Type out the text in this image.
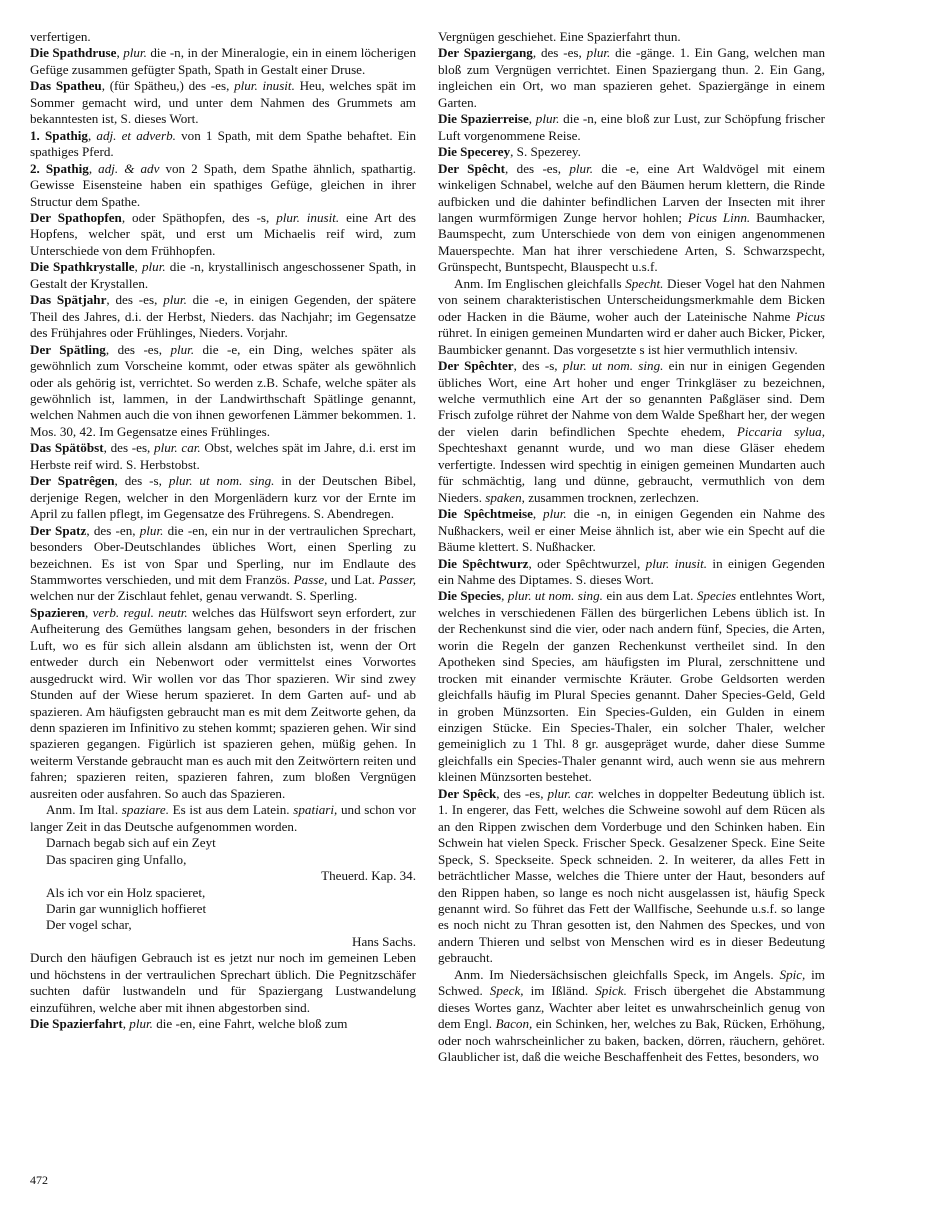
verfertigen.

Die Spathdruse, plur. die -n, in der Mineralogie, ein in einem löcherigen Gefüge zusammen gefügter Spath, Spath in Gestalt einer Druse.

Das Spatheu, (für Spätheu,) des -es, plur. inusit. Heu, welches spät im Sommer gemacht wird, und unter dem Nahmen des Grummets am bekanntesten ist, S. dieses Wort.

1. Spathig, adj. et adverb. von 1 Spath, mit dem Spathe behaftet. Ein spathiges Pferd.

2. Spathig, adj. & adv von 2 Spath, dem Spathe ähnlich, spathartig. Gewisse Eisensteine haben ein spathiges Gefüge, gleichen in ihrer Structur dem Spathe.

Der Spathopfen, oder Späthopfen, des -s, plur. inusit. eine Art des Hopfens, welcher spät, und erst um Michaelis reif wird, zum Unterschiede von dem Frühhopfen.

Die Spathkrystalle, plur. die -n, krystallinisch angeschossener Spath, in Gestalt der Krystallen.

Das Spätjahr, des -es, plur. die -e, in einigen Gegenden, der spätere Theil des Jahres, d.i. der Herbst, Nieders. das Nachjahr; im Gegensatze des Frühjahres oder Frühlinges, Nieders. Vorjahr.

Der Spätling, des -es, plur. die -e, ein Ding, welches später als gewöhnlich zum Vorscheine kommt, oder etwas später als gewöhnlich oder als gehörig ist, verrichtet. So werden z.B. Schafe, welche später als gewöhnlich ist, lammen, in der Landwirthschaft Spätlinge genannt, welchen Nahmen auch die von ihnen geworfenen Lämmer bekommen. 1. Mos. 30, 42. Im Gegensatze eines Frühlinges.

Das Spätöbst, des -es, plur. car. Obst, welches spät im Jahre, d.i. erst im Herbste reif wird. S. Herbstobst.

Der Spatrêgen, des -s, plur. ut nom. sing. in der Deutschen Bibel, derjenige Regen, welcher in den Morgenlädern kurz vor der Ernte im April zu fallen pflegt, im Gegensatze des Frühregens. S. Abendregen.

Der Spatz, des -en, plur. die -en, ein nur in der vertraulichen Sprechart, besonders Ober-Deutschlandes übliches Wort, einen Sperling zu bezeichnen. Es ist von Spar und Sperling, nur im Endlaute des Stammwortes verschieden, und mit dem Französ. Passe, und Lat. Passer, welchen nur der Zischlaut fehlet, genau verwandt. S. Sperling.

Spazieren, verb. regul. neutr. welches das Hülfswort seyn erfordert, zur Aufheiterung des Gemüthes langsam gehen, besonders in der frischen Luft, wo es für sich allein alsdann am üblichsten ist, wenn der Ort entweder durch ein Nebenwort oder vermittelst eines Vorwortes ausgedruckt wird. Wir wollen vor das Thor spazieren. Wir sind zwey Stunden auf der Wiese herum spazieret. In dem Garten auf- und ab spazieren. Am häufigsten gebraucht man es mit dem Zeitworte gehen, da denn spazieren im Infinitivo zu stehen kommt; spazieren gehen. Wir sind spazieren gegangen. Figürlich ist spazieren gehen, müßig gehen. In weiterm Verstande gebraucht man es auch mit den Zeitwörtern reiten und fahren; spazieren reiten, spazieren fahren, zum bloßen Vergnügen ausreiten oder ausfahren. So auch das Spazieren.

Anm. Im Ital. spaziare. Es ist aus dem Latein. spatiari, und schon vor langer Zeit in das Deutsche aufgenommen worden.

Darnach begab sich auf ein Zeyt
Das spaciren ging Unfallo,
Theuerd. Kap. 34.
Als ich vor ein Holz spacieret,
Darin gar wunniglich hoffieret
Der vogel schar,
Hans Sachs.

Durch den häufigen Gebrauch ist es jetzt nur noch im gemeinen Leben und höchstens in der vertraulichen Sprechart üblich. Die Pegnitzschäfer suchten dafür lustwandeln und für Spaziergang Lustwandelung einzuführen, welche aber mit ihnen abgestorben sind.

Die Spazierfahrt, plur. die -en, eine Fahrt, welche bloß zum

Vergnügen geschiehet. Eine Spazierfahrt thun.

Der Spaziergang, des -es, plur. die -gänge. 1. Ein Gang, welchen man bloß zum Vergnügen verrichtet. Einen Spaziergang thun. 2. Ein Gang, ingleichen ein Ort, wo man spazieren gehet. Spaziergänge in einem Garten.

Die Spazierreise, plur. die -n, eine bloß zur Lust, zur Schöpfung frischer Luft vorgenommene Reise.

Die Specerey, S. Spezerey.

Der Spêcht, des -es, plur. die -e, eine Art Waldvögel mit einem winkeligen Schnabel, welche auf den Bäumen herum klettern, die Rinde aufbicken und die dahinter befindlichen Larven der Insecten mit ihrer langen wurmförmigen Zunge hervor hohlen; Picus Linn. Baumhacker, Baumspecht, zum Unterschiede von dem von einigen angenommenen Mauerspechte. Man hat ihrer verschiedene Arten, S. Schwarzspecht, Grünspecht, Buntspecht, Blauspecht u.s.f.

Anm. Im Englischen gleichfalls Specht. Dieser Vogel hat den Nahmen von seinem charakteristischen Unterscheidungsmerkmahle dem Bicken oder Hacken in die Bäume, woher auch der Lateinische Nahme Picus rühret. In einigen gemeinen Mundarten wird er daher auch Bicker, Picker, Baumbicker genannt. Das vorgesetzte s ist hier vermuthlich intensiv.

Der Spêchter, des -s, plur. ut nom. sing. ein nur in einigen Gegenden übliches Wort, eine Art hoher und enger Trinkgläser zu bezeichnen, welche vermuthlich eine Art der so genannten Paßgläser sind. Dem Frisch zufolge rühret der Nahme von dem Walde Speßhart her, der wegen der vielen darin befindlichen Spechte ehedem, Piccaria sylua, Spechteshaxt genannt wurde, und wo man diese Gläser ehedem verfertigte. Indessen wird spechtig in einigen gemeinen Mundarten auch für schmächtig, lang und dünne, gebraucht, vermuthlich von dem Nieders. spaken, zusammen trocknen, zerlechzen.

Die Spêchtmeise, plur. die -n, in einigen Gegenden ein Nahme des Nußhackers, weil er einer Meise ähnlich ist, aber wie ein Specht auf die Bäume klettert. S. Nußhacker.

Die Spêchtwurz, oder Spêchtwurzel, plur. inusit. in einigen Gegenden ein Nahme des Diptames. S. dieses Wort.

Die Species, plur. ut nom. sing. ein aus dem Lat. Species entlehntes Wort, welches in verschiedenen Fällen des bürgerlichen Lebens üblich ist. In der Rechenkunst sind die vier, oder nach andern fünf, Species, die Arten, worin die Regeln der ganzen Rechenkunst vertheilet sind. In den Apotheken sind Species, am häufigsten im Plural, zerschnittene und trocken mit einander vermischte Kräuter. Grobe Geldsorten werden gleichfalls häufig im Plural Species genannt. Daher Species-Geld, Geld in groben Münzsorten. Ein Species-Gulden, ein Gulden in einem einzigen Stücke. Ein Species-Thaler, ein solcher Thaler, welcher gemeiniglich zu 1 Thl. 8 gr. ausgepräget wurde, daher diese Summe gleichfalls ein Species-Thaler genannt wird, auch wenn sie aus mehrern kleinen Münzsorten bestehet.

Der Spêck, des -es, plur. car. welches in doppelter Bedeutung üblich ist. 1. In engerer, das Fett, welches die Schweine sowohl auf dem Rücen als an den Rippen zwischen dem Vorderbuge und den Schinken haben. Ein Schwein hat vielen Speck. Frischer Speck. Gesalzener Speck. Eine Seite Speck, S. Speckseite. Speck schneiden. 2. In weiterer, da alles Fett in beträchtlicher Masse, welches die Thiere unter der Haut, besonders auf den Rippen haben, so lange es noch nicht ausgelassen ist, häufig Speck genannt wird. So führet das Fett der Wallfische, Seehunde u.s.f. so lange es noch nicht zu Thran gesotten ist, den Nahmen des Speckes, und von andern Thieren und selbst von Menschen wird es in dieser Bedeutung gebraucht.

Anm. Im Niedersächsischen gleichfalls Speck, im Angels. Spic, im Schwed. Speck, im Ißländ. Spick. Frisch übergehet die Abstammung dieses Wortes ganz, Wachter aber leitet es unwahrscheinlich genug von dem Engl. Bacon, ein Schinken, her, welches zu Bak, Rücken, Erhöhung, oder noch wahrscheinlicher zu baken, backen, dörren, räuchern, gehöret. Glaublicher ist, daß die weiche Beschaffenheit des Fettes, besonders, wo

472
